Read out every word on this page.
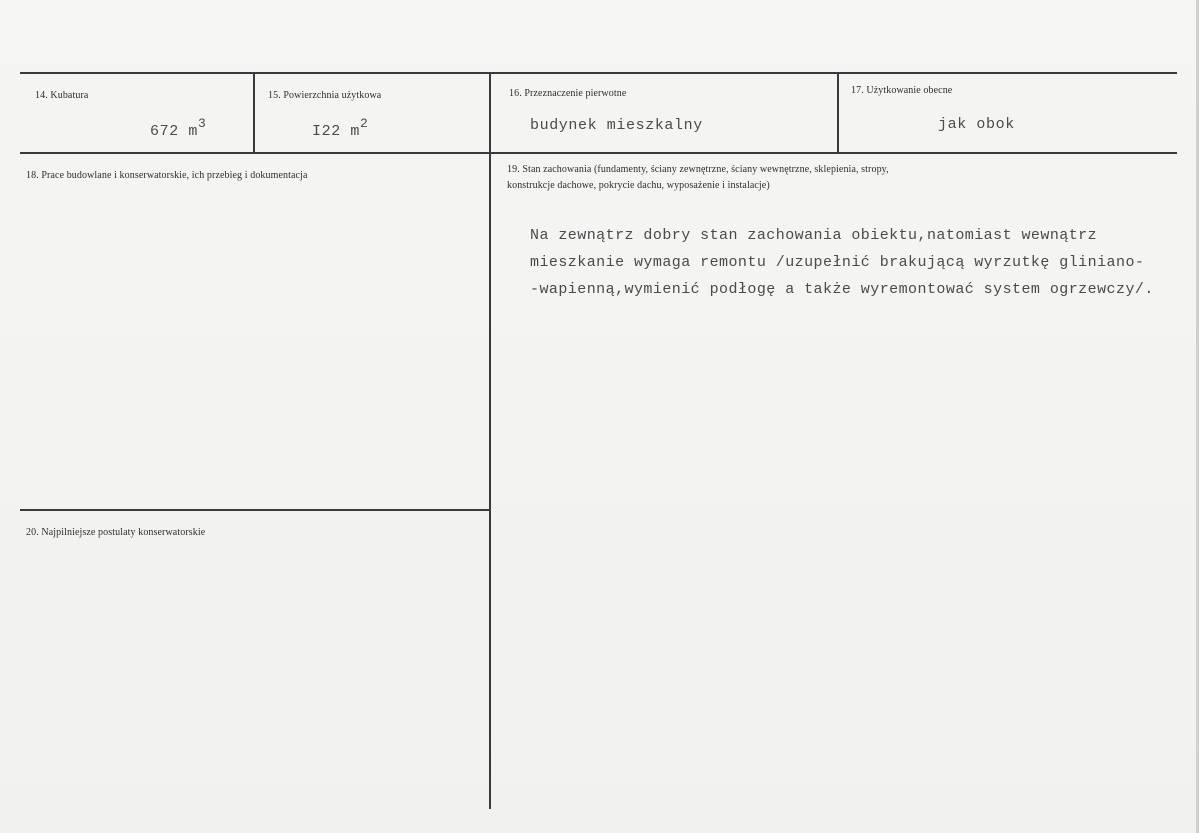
14. Kubatura
672 $m^3$
15. Powierzchnia użytkowa
I22 $m^2$
16. Przeznaczenie pierwotne
budynek mieszkalny
17. Użytkowanie obecne
jak obok
18. Prace budowlane i konserwatorskie, ich przebieg i dokumentacja
19. Stan zachowania (fundamenty, ściany zewnętrzne, ściany wewnętrzne, sklepienia, stropy,
konstrukcje dachowe, pokrycie dachu, wyposażenie i instalacje)
Na zewnątrz dobry stan zachowania obiektu,natomiast wewnątrz
mieszkanie wymaga remontu /uzupełnić brakującą wyrzutkę gliniano-
-wapienną,wymienić podłogę a także wyremontować system ogrzewczy/.
20. Najpilniejsze postulaty konserwatorskie
